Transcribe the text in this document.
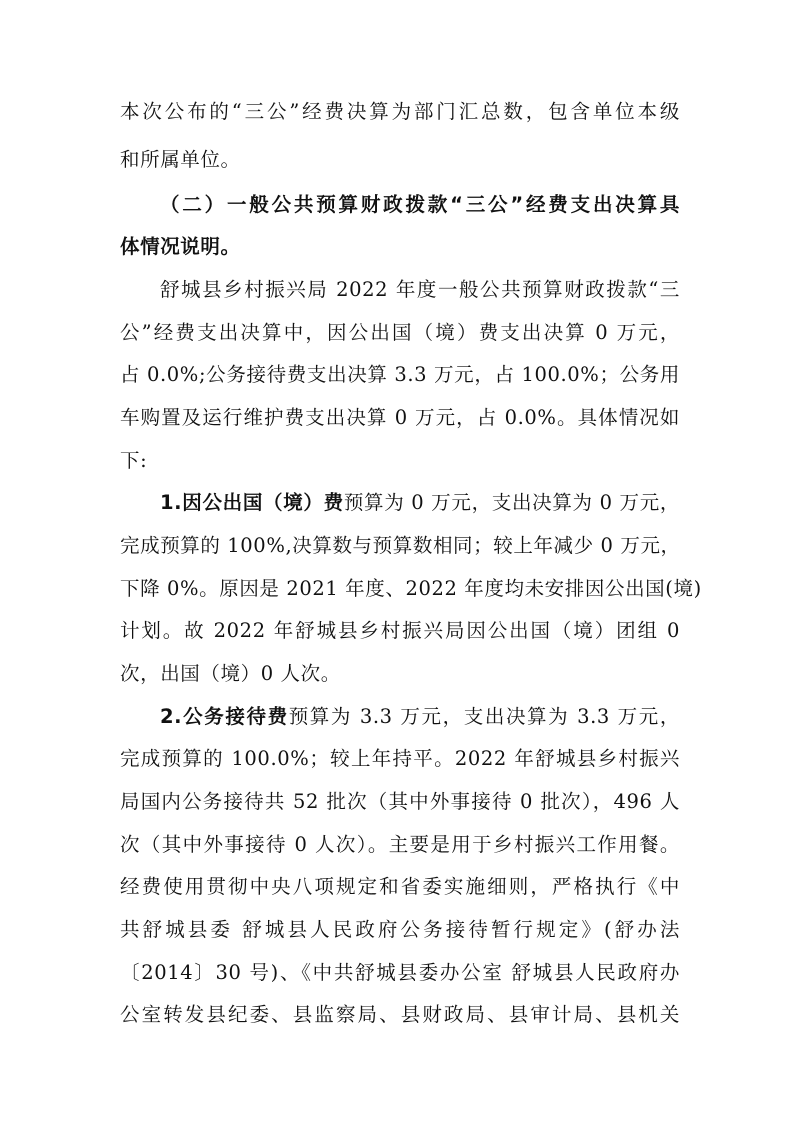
本次公布的“三公”经费决算为部门汇总数，包含单位本级
和所属单位。
（二）一般公共预算财政拨款“三公”经费支出决算具
体情况说明。
舒城县乡村振兴局 2022 年度一般公共预算财政拨款“三
公”经费支出决算中，因公出国（境）费支出决算 0 万元，
占 0.0%;公务接待费支出决算 3.3 万元，占 100.0%；公务用
车购置及运行维护费支出决算 0 万元，占 0.0%。具体情况如
下:
1.因公出国（境）费预算为 0 万元，支出决算为 0 万元，
完成预算的 100%,决算数与预算数相同；较上年减少 0 万元，
下降 0%。原因是 2021 年度、2022 年度均未安排因公出国(境)
计划。故 2022 年舒城县乡村振兴局因公出国（境）团组 0
次，出国（境）0 人次。
2.公务接待费预算为 3.3 万元，支出决算为 3.3 万元，
完成预算的 100.0%；较上年持平。2022 年舒城县乡村振兴
局国内公务接待共 52 批次（其中外事接待 0 批次），496 人
次（其中外事接待 0 人次）。主要是用于乡村振兴工作用餐。
经费使用贯彻中央八项规定和省委实施细则，严格执行《中
共舒城县委 舒城县人民政府公务接待暂行规定》(舒办法
〔2014〕30 号)、《中共舒城县委办公室 舒城县人民政府办
公室转发县纪委、县监察局、县财政局、县审计局、县机关
